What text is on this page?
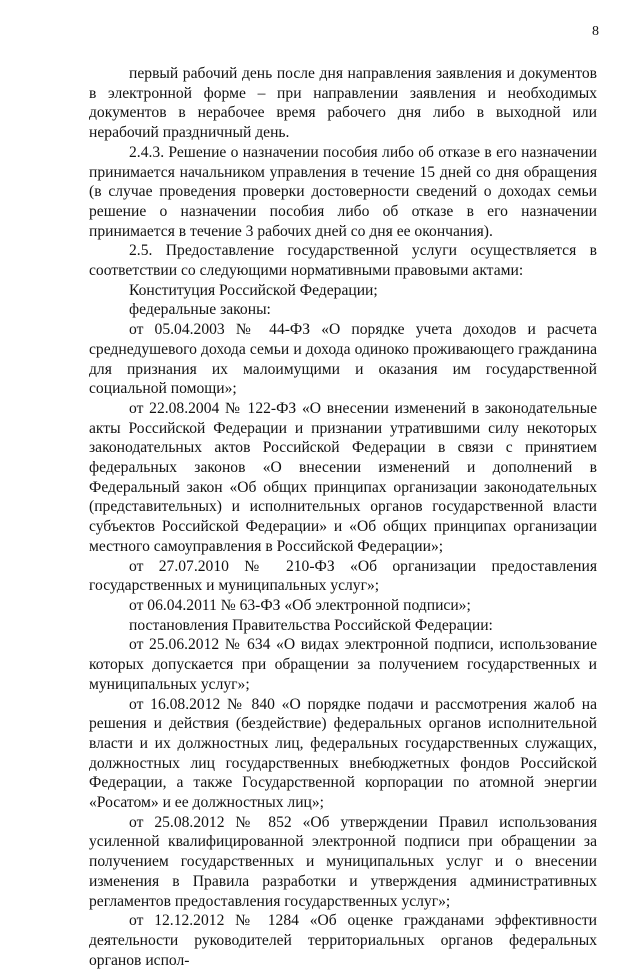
8

первый рабочий день после дня направления заявления и документов в электронной форме – при направлении заявления и необходимых документов в нерабочее время рабочего дня либо в выходной или нерабочий праздничный день.

2.4.3. Решение о назначении пособия либо об отказе в его назначении принимается начальником управления в течение 15 дней со дня обращения (в случае проведения проверки достоверности сведений о доходах семьи решение о назначении пособия либо об отказе в его назначении принимается в течение 3 рабочих дней со дня ее окончания).

2.5. Предоставление государственной услуги осуществляется в соответствии со следующими нормативными правовыми актами:

Конституция Российской Федерации;

федеральные законы:

от 05.04.2003 № 44-ФЗ «О порядке учета доходов и расчета среднедушевого дохода семьи и дохода одиноко проживающего гражданина для признания их малоимущими и оказания им государственной социальной помощи»;

от 22.08.2004 № 122-ФЗ «О внесении изменений в законодательные акты Российской Федерации и признании утратившими силу некоторых законодательных актов Российской Федерации в связи с принятием федеральных законов «О внесении изменений и дополнений в Федеральный закон «Об общих принципах организации законодательных (представительных) и исполнительных органов государственной власти субъектов Российской Федерации» и «Об общих принципах организации местного самоуправления в Российской Федерации»;

от 27.07.2010 № 210-ФЗ «Об организации предоставления государственных и муниципальных услуг»;

от 06.04.2011 № 63-ФЗ «Об электронной подписи»;

постановления Правительства Российской Федерации:

от 25.06.2012 № 634 «О видах электронной подписи, использование которых допускается при обращении за получением государственных и муниципальных услуг»;

от 16.08.2012 № 840 «О порядке подачи и рассмотрения жалоб на решения и действия (бездействие) федеральных органов исполнительной власти и их должностных лиц, федеральных государственных служащих, должностных лиц государственных внебюджетных фондов Российской Федерации, а также Государственной корпорации по атомной энергии «Росатом» и ее должностных лиц»;

от 25.08.2012 № 852 «Об утверждении Правил использования усиленной квалифицированной электронной подписи при обращении за получением государственных и муниципальных услуг и о внесении изменения в Правила разработки и утверждения административных регламентов предоставления государственных услуг»;

от 12.12.2012 № 1284 «Об оценке гражданами эффективности деятельности руководителей территориальных органов федеральных органов испол-
